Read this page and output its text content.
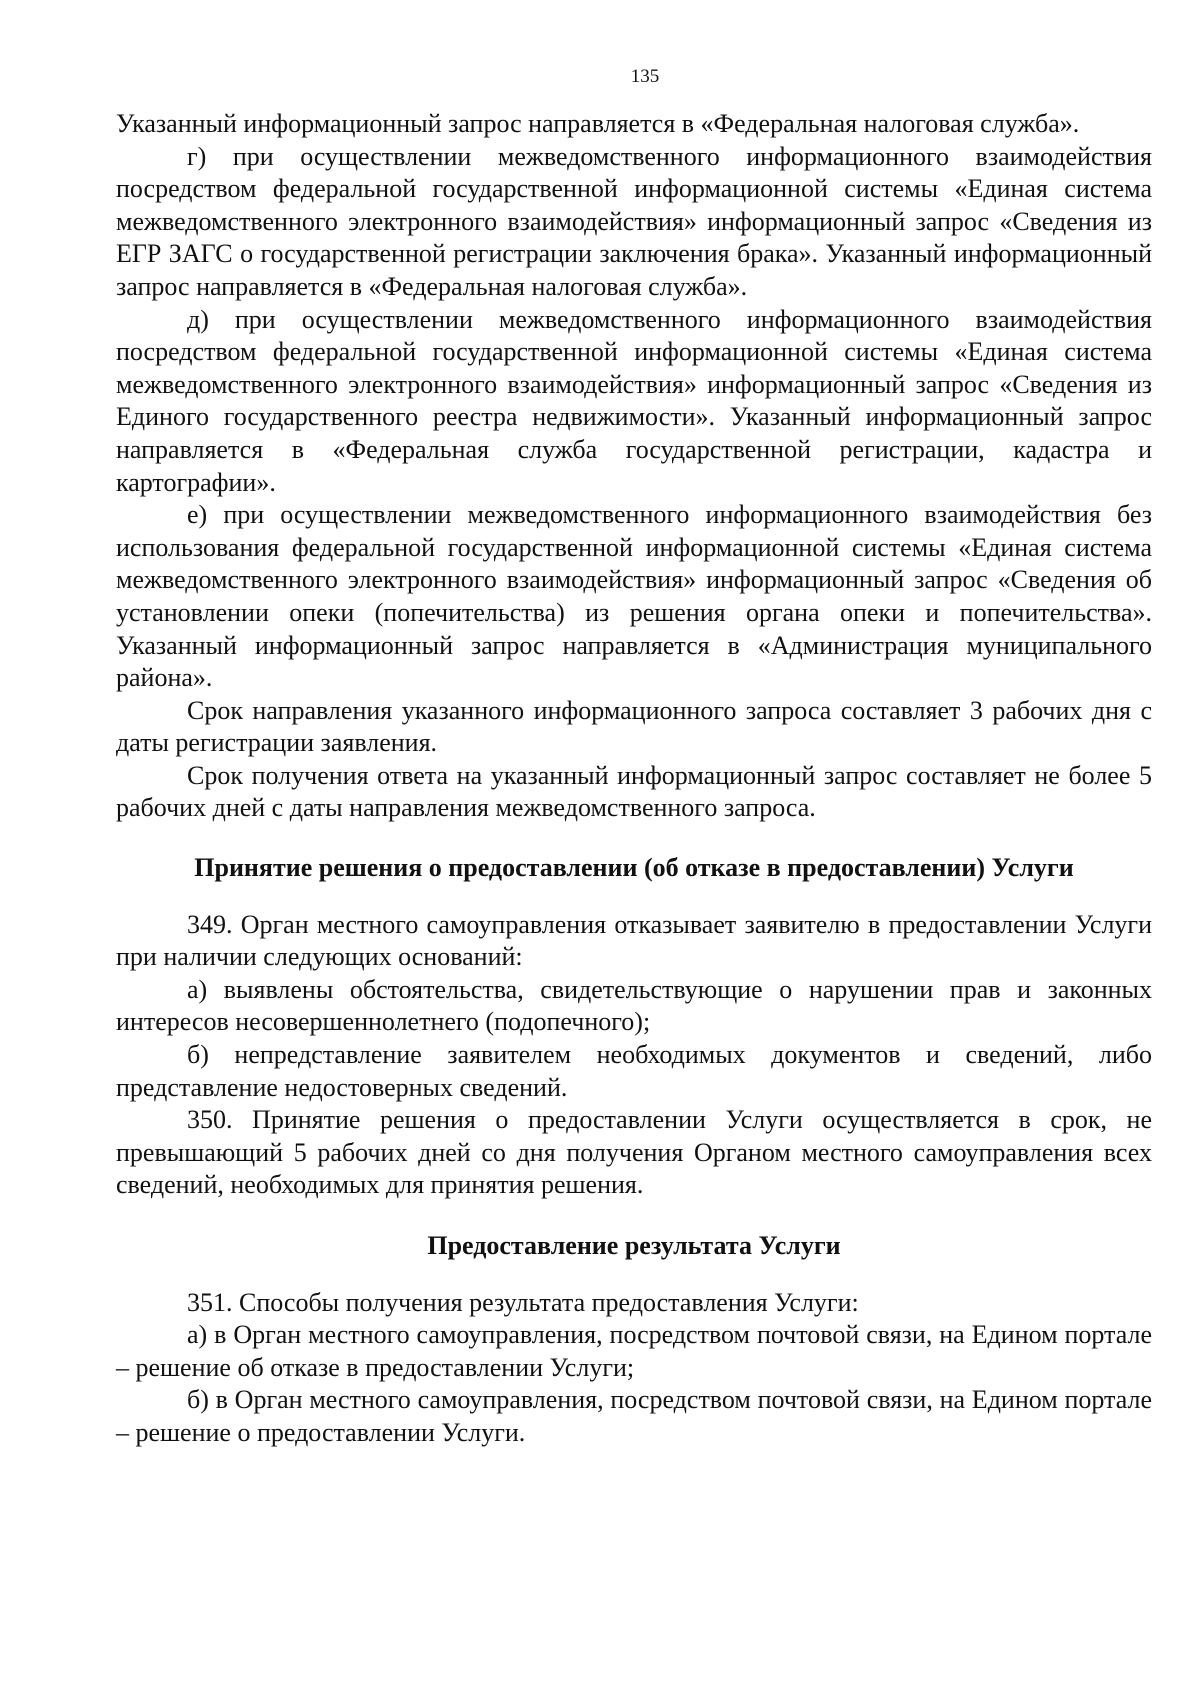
135

Указанный информационный запрос направляется в «Федеральная налоговая служба».

г) при осуществлении межведомственного информационного взаимодействия посредством федеральной государственной информационной системы «Единая система межведомственного электронного взаимодействия» информационный запрос «Сведения из ЕГР ЗАГС о государственной регистрации заключения брака». Указанный информационный запрос направляется в «Федеральная налоговая служба».

д) при осуществлении межведомственного информационного взаимодействия посредством федеральной государственной информационной системы «Единая система межведомственного электронного взаимодействия» информационный запрос «Сведения из Единого государственного реестра недвижимости». Указанный информационный запрос направляется в «Федеральная служба государственной регистрации, кадастра и картографии».

е) при осуществлении межведомственного информационного взаимодействия без использования федеральной государственной информационной системы «Единая система межведомственного электронного взаимодействия» информационный запрос «Сведения об установлении опеки (попечительства) из решения органа опеки и попечительства». Указанный информационный запрос направляется в «Администрация муниципального района».

Срок направления указанного информационного запроса составляет 3 рабочих дня с даты регистрации заявления.

Срок получения ответа на указанный информационный запрос составляет не более 5 рабочих дней с даты направления межведомственного запроса.

Принятие решения о предоставлении (об отказе в предоставлении) Услуги

349. Орган местного самоуправления отказывает заявителю в предоставлении Услуги при наличии следующих оснований:

а) выявлены обстоятельства, свидетельствующие о нарушении прав и законных интересов несовершеннолетнего (подопечного);

б) непредставление заявителем необходимых документов и сведений, либо представление недостоверных сведений.

350. Принятие решения о предоставлении Услуги осуществляется в срок, не превышающий 5 рабочих дней со дня получения Органом местного самоуправления всех сведений, необходимых для принятия решения.

Предоставление результата Услуги

351. Способы получения результата предоставления Услуги:

а) в Орган местного самоуправления, посредством почтовой связи, на Едином портале – решение об отказе в предоставлении Услуги;

б) в Орган местного самоуправления, посредством почтовой связи, на Едином портале – решение о предоставлении Услуги.
